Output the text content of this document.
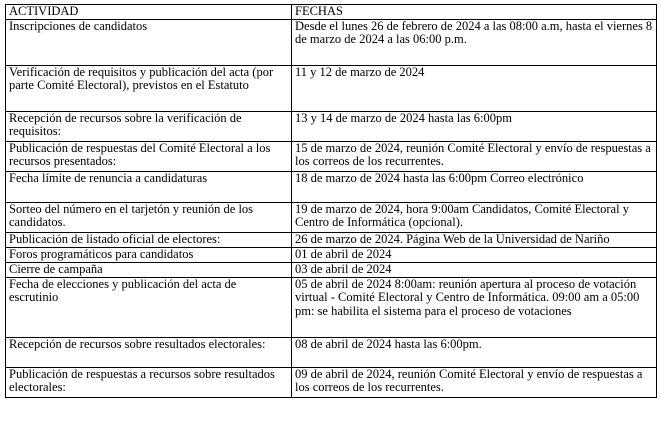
ACTIVIDAD	FECHAS
Inscripciones de candidatos	Desde el lunes 26 de febrero de 2024 a las 08:00 a.m, hasta el viernes 8 de marzo de 2024 a las 06:00 p.m.
Verificación de requisitos y publicación del acta (por parte Comité Electoral), previstos en el Estatuto	11 y 12 de marzo de 2024
Recepción de recursos sobre la verificación de requisitos:	13 y 14 de marzo de 2024 hasta las 6:00pm
Publicación de respuestas del Comité Electoral a los recursos presentados:	15 de marzo de 2024, reunión Comité Electoral y envío de respuestas a los correos de los recurrentes.
Fecha límite de renuncia a candidaturas	18 de marzo de 2024 hasta las 6:00pm Correo electrónico
Sorteo del número en el tarjetón y reunión de los candidatos.	19 de marzo de 2024, hora 9:00am Candidatos, Comité Electoral y Centro de Informática (opcional).
Publicación de listado oficial de electores:	26 de marzo de 2024. Página Web de la Universidad de Nariño
Foros programáticos para candidatos	01 de abril de 2024
Cierre de campaña	03 de abril de 2024
Fecha de elecciones y publicación del acta de escrutinio	05 de abril de 2024 8:00am: reunión apertura al proceso de votación virtual - Comité Electoral y Centro de Informática. 09:00 am a 05:00 pm: se habilita el sistema para el proceso de votaciones
Recepción de recursos sobre resultados electorales:	08 de abril de 2024 hasta las 6:00pm.
Publicación de respuestas a recursos sobre resultados electorales:	09 de abril de 2024, reunión Comité Electoral y envío de respuestas a los correos de los recurrentes.
